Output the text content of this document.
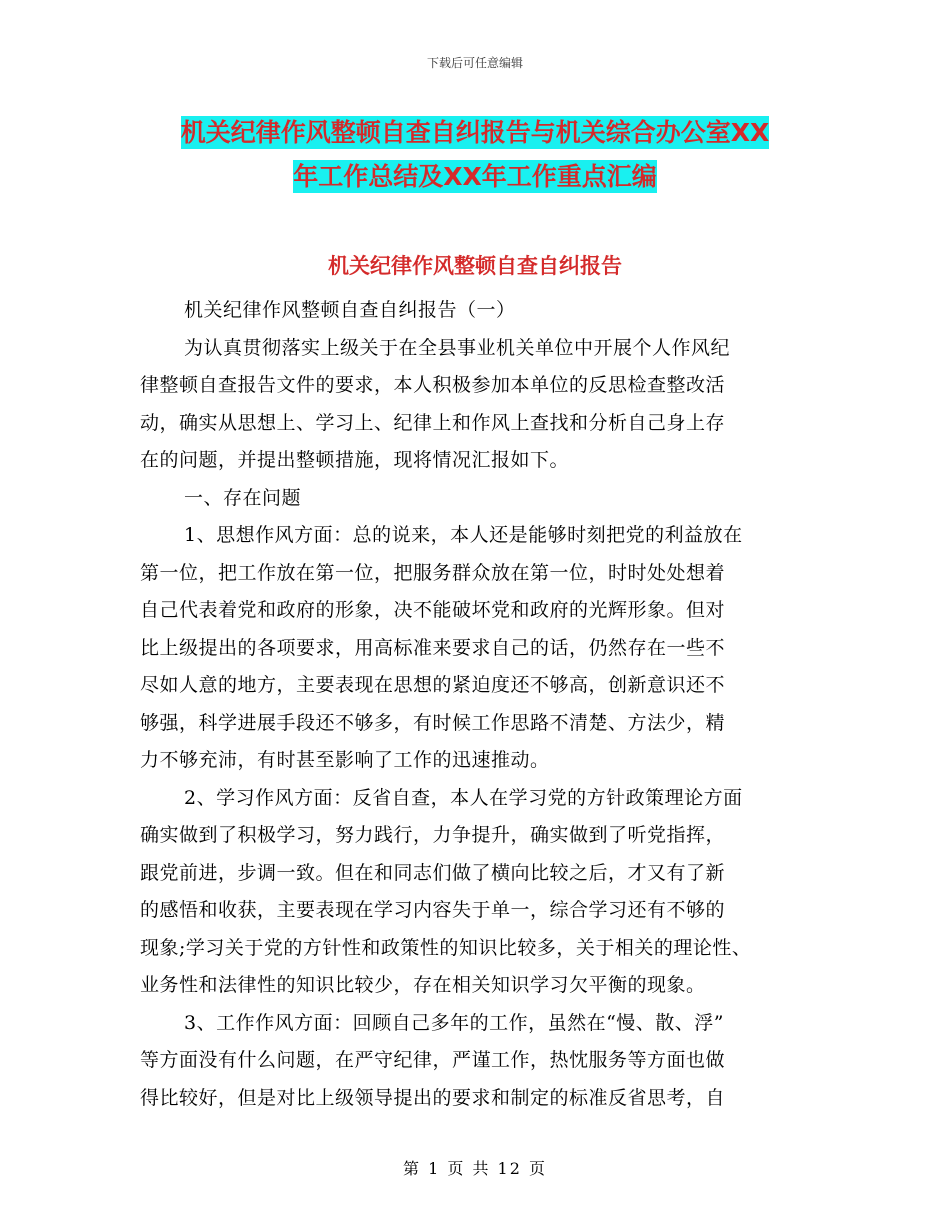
下载后可任意编辑
机关纪律作风整顿自查自纠报告与机关综合办公室XX
年工作总结及XX年工作重点汇编
机关纪律作风整顿自查自纠报告
机关纪律作风整顿自查自纠报告（一）
为认真贯彻落实上级关于在全县事业机关单位中开展个人作风纪
律整顿自查报告文件的要求，本人积极参加本单位的反思检查整改活
动，确实从思想上、学习上、纪律上和作风上查找和分析自己身上存
在的问题，并提出整顿措施，现将情况汇报如下。
一、存在问题
1、思想作风方面：总的说来，本人还是能够时刻把党的利益放在
第一位，把工作放在第一位，把服务群众放在第一位，时时处处想着
自己代表着党和政府的形象，决不能破坏党和政府的光辉形象。但对
比上级提出的各项要求，用高标准来要求自己的话，仍然存在一些不
尽如人意的地方，主要表现在思想的紧迫度还不够高，创新意识还不
够强，科学进展手段还不够多，有时候工作思路不清楚、方法少，精
力不够充沛，有时甚至影响了工作的迅速推动。
2、学习作风方面：反省自查，本人在学习党的方针政策理论方面
确实做到了积极学习，努力践行，力争提升，确实做到了听党指挥，
跟党前进，步调一致。但在和同志们做了横向比较之后，才又有了新
的感悟和收获，主要表现在学习内容失于单一，综合学习还有不够的
现象;学习关于党的方针性和政策性的知识比较多，关于相关的理论性、
业务性和法律性的知识比较少，存在相关知识学习欠平衡的现象。
3、工作作风方面：回顾自己多年的工作，虽然在“慢、散、浮”
等方面没有什么问题，在严守纪律，严谨工作，热忱服务等方面也做
得比较好，但是对比上级领导提出的要求和制定的标准反省思考，自
第 1 页 共 12 页
